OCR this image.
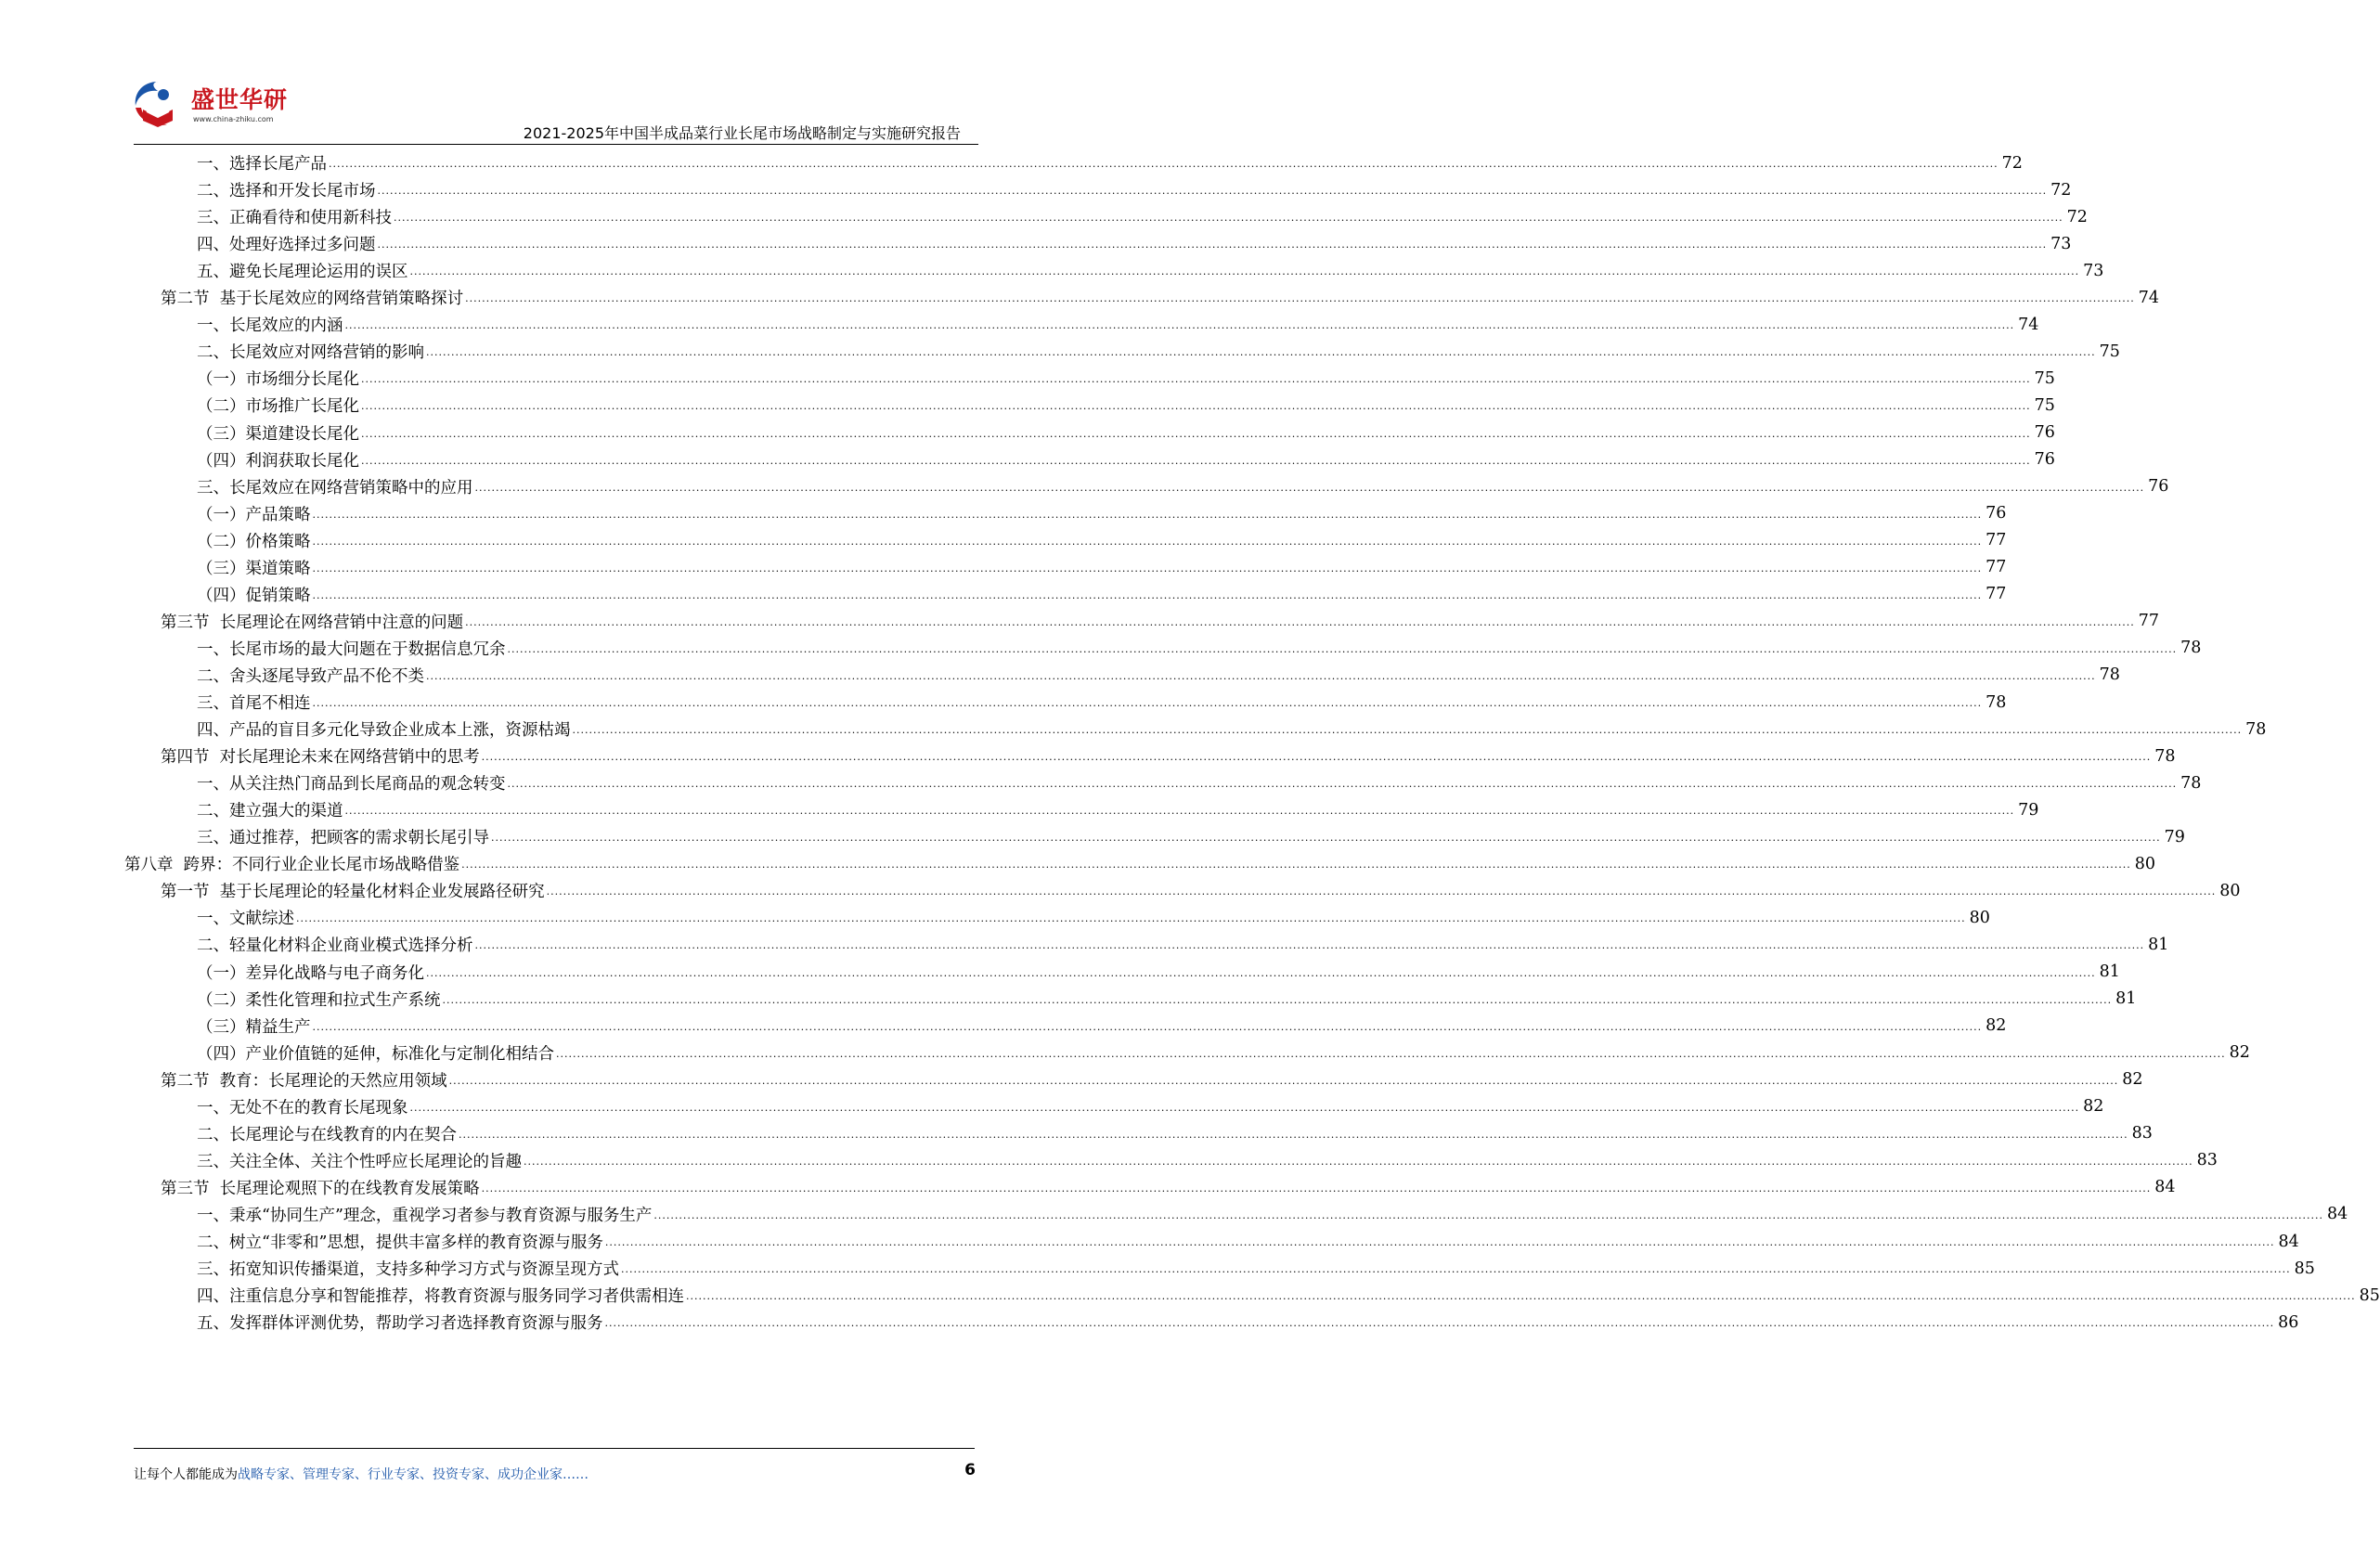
盛世华研
www.china-zhiku.com
2021-2025年中国半成品菜行业长尾市场战略制定与实施研究报告
一、选择长尾产品 ................................................................................................................................................................................................................................................................................................................................................................................................................ 72
二、选择和开发长尾市场 ................................................................................................................................................................................................................................................................................................................................................................................................................ 72
三、正确看待和使用新科技 ................................................................................................................................................................................................................................................................................................................................................................................................................ 72
四、处理好选择过多问题 ................................................................................................................................................................................................................................................................................................................................................................................................................ 73
五、避免长尾理论运用的误区 ................................................................................................................................................................................................................................................................................................................................................................................................................ 73
第二节  基于长尾效应的网络营销策略探讨 ................................................................................................................................................................................................................................................................................................................................................................................................................ 74
一、长尾效应的内涵 ................................................................................................................................................................................................................................................................................................................................................................................................................ 74
二、长尾效应对网络营销的影响 ................................................................................................................................................................................................................................................................................................................................................................................................................ 75
（一）市场细分长尾化 ................................................................................................................................................................................................................................................................................................................................................................................................................ 75
（二）市场推广长尾化 ................................................................................................................................................................................................................................................................................................................................................................................................................ 75
（三）渠道建设长尾化 ................................................................................................................................................................................................................................................................................................................................................................................................................ 76
（四）利润获取长尾化 ................................................................................................................................................................................................................................................................................................................................................................................................................ 76
三、长尾效应在网络营销策略中的应用 ................................................................................................................................................................................................................................................................................................................................................................................................................ 76
（一）产品策略 ................................................................................................................................................................................................................................................................................................................................................................................................................ 76
（二）价格策略 ................................................................................................................................................................................................................................................................................................................................................................................................................ 77
（三）渠道策略 ................................................................................................................................................................................................................................................................................................................................................................................................................ 77
（四）促销策略 ................................................................................................................................................................................................................................................................................................................................................................................................................ 77
第三节  长尾理论在网络营销中注意的问题 ................................................................................................................................................................................................................................................................................................................................................................................................................ 77
一、长尾市场的最大问题在于数据信息冗余 ................................................................................................................................................................................................................................................................................................................................................................................................................ 78
二、舍头逐尾导致产品不伦不类 ................................................................................................................................................................................................................................................................................................................................................................................................................ 78
三、首尾不相连 ................................................................................................................................................................................................................................................................................................................................................................................................................ 78
四、产品的盲目多元化导致企业成本上涨，资源枯竭 ................................................................................................................................................................................................................................................................................................................................................................................................................ 78
第四节  对长尾理论未来在网络营销中的思考 ................................................................................................................................................................................................................................................................................................................................................................................................................ 78
一、从关注热门商品到长尾商品的观念转变 ................................................................................................................................................................................................................................................................................................................................................................................................................ 78
二、建立强大的渠道 ................................................................................................................................................................................................................................................................................................................................................................................................................ 79
三、通过推荐，把顾客的需求朝长尾引导 ................................................................................................................................................................................................................................................................................................................................................................................................................ 79
第八章  跨界：不同行业企业长尾市场战略借鉴 ................................................................................................................................................................................................................................................................................................................................................................................................................ 80
第一节  基于长尾理论的轻量化材料企业发展路径研究 ................................................................................................................................................................................................................................................................................................................................................................................................................ 80
一、文献综述 ................................................................................................................................................................................................................................................................................................................................................................................................................ 80
二、轻量化材料企业商业模式选择分析 ................................................................................................................................................................................................................................................................................................................................................................................................................ 81
（一）差异化战略与电子商务化 ................................................................................................................................................................................................................................................................................................................................................................................................................ 81
（二）柔性化管理和拉式生产系统 ................................................................................................................................................................................................................................................................................................................................................................................................................ 81
（三）精益生产 ................................................................................................................................................................................................................................................................................................................................................................................................................ 82
（四）产业价值链的延伸，标准化与定制化相结合 ................................................................................................................................................................................................................................................................................................................................................................................................................ 82
第二节  教育：长尾理论的天然应用领域 ................................................................................................................................................................................................................................................................................................................................................................................................................ 82
一、无处不在的教育长尾现象 ................................................................................................................................................................................................................................................................................................................................................................................................................ 82
二、长尾理论与在线教育的内在契合 ................................................................................................................................................................................................................................................................................................................................................................................................................ 83
三、关注全体、关注个性呼应长尾理论的旨趣 ................................................................................................................................................................................................................................................................................................................................................................................................................ 83
第三节  长尾理论观照下的在线教育发展策略 ................................................................................................................................................................................................................................................................................................................................................................................................................ 84
一、秉承“协同生产”理念，重视学习者参与教育资源与服务生产 ................................................................................................................................................................................................................................................................................................................................................................................................................ 84
二、树立“非零和”思想，提供丰富多样的教育资源与服务 ................................................................................................................................................................................................................................................................................................................................................................................................................ 84
三、拓宽知识传播渠道，支持多种学习方式与资源呈现方式 ................................................................................................................................................................................................................................................................................................................................................................................................................ 85
四、注重信息分享和智能推荐，将教育资源与服务同学习者供需相连 ................................................................................................................................................................................................................................................................................................................................................................................................................ 85
五、发挥群体评测优势，帮助学习者选择教育资源与服务 ................................................................................................................................................................................................................................................................................................................................................................................................................ 86
让每个人都能成为战略专家、管理专家、行业专家、投资专家、成功企业家……	6
